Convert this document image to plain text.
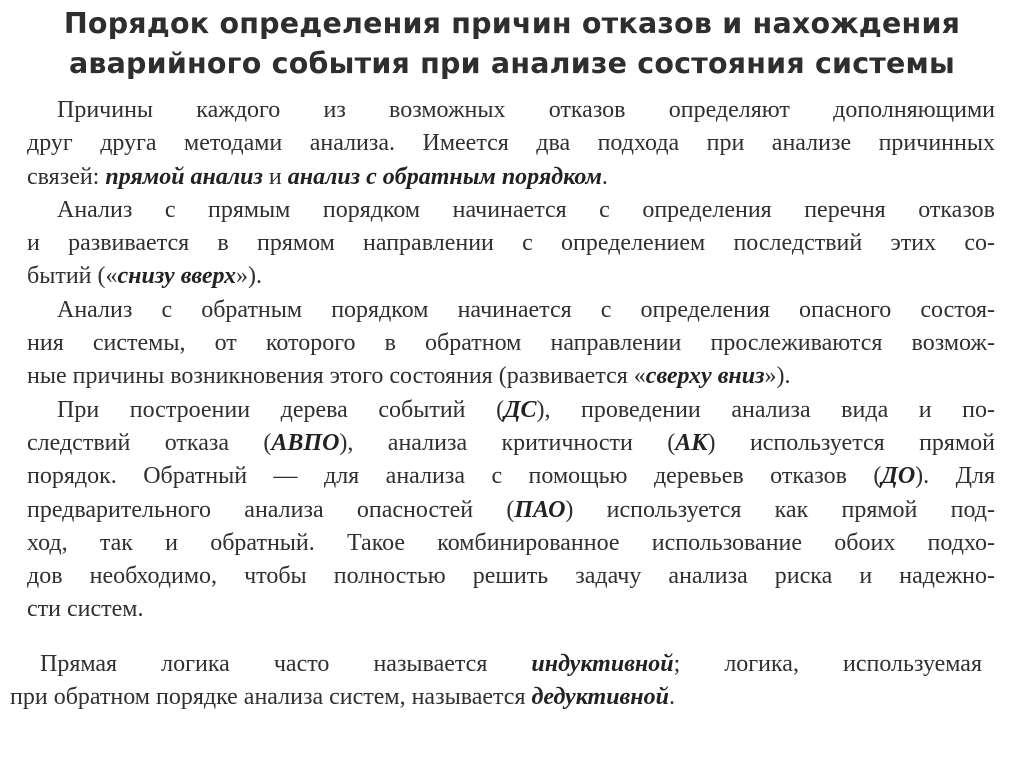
Порядок определения причин отказов и нахождения
аварийного события при анализе состояния системы
Причины каждого из возможных отказов определяют дополняющими
друг друга методами анализа. Имеется два подхода при анализе причинных
связей: прямой анализ и анализ с обратным порядком.
Анализ с прямым порядком начинается с определения перечня отказов
и развивается в прямом направлении с определением последствий этих со-
бытий («снизу вверх»).
Анализ с обратным порядком начинается с определения опасного состоя-
ния системы, от которого в обратном направлении прослеживаются возмож-
ные причины возникновения этого состояния (развивается «сверху вниз»).
При построении дерева событий (ДС), проведении анализа вида и по-
следствий отказа (АВПО), анализа критичности (АК) используется прямой
порядок. Обратный — для анализа с помощью деревьев отказов (ДО). Для
предварительного анализа опасностей (ПАО) используется как прямой под-
ход, так и обратный. Такое комбинированное использование обоих подхо-
дов необходимо, чтобы полностью решить задачу анализа риска и надежно-
сти систем.
Прямая логика часто называется индуктивной; логика, используемая
при обратном порядке анализа систем, называется дедуктивной.
